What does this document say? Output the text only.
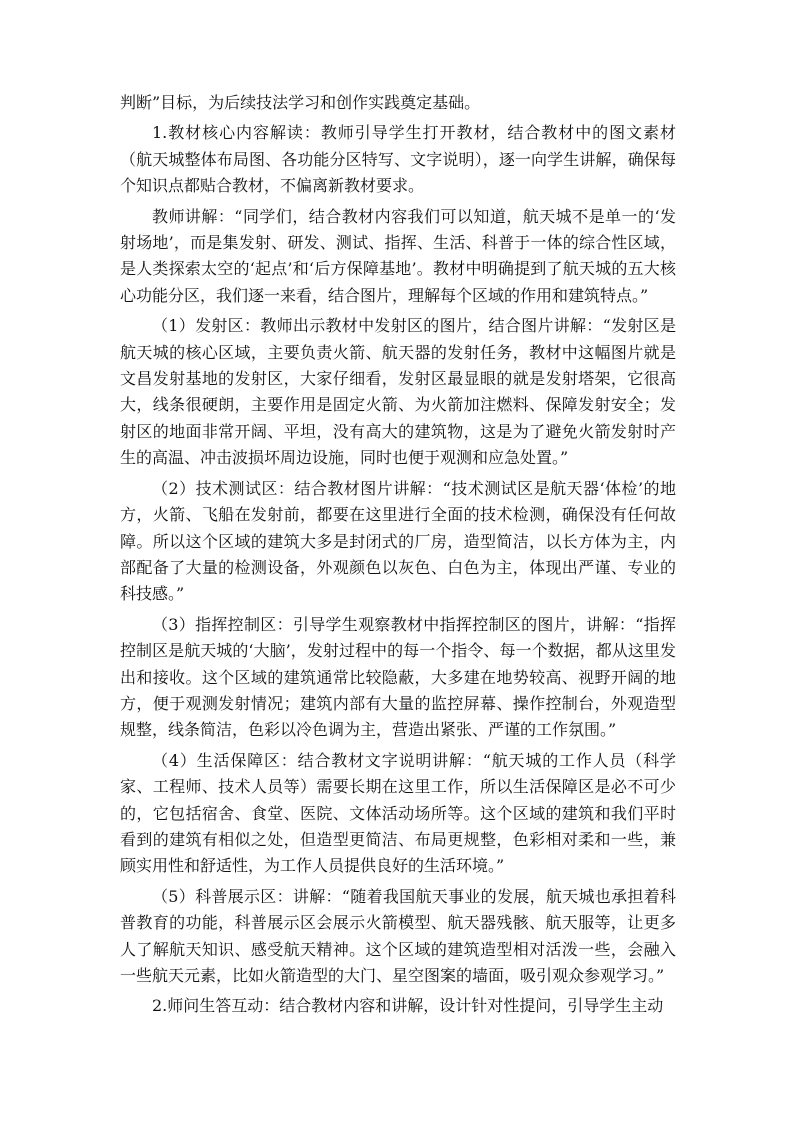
判断”目标，为后续技法学习和创作实践奠定基础。

1.教材核心内容解读：教师引导学生打开教材，结合教材中的图文素材（航天城整体布局图、各功能分区特写、文字说明），逐一向学生讲解，确保每个知识点都贴合教材，不偏离新教材要求。

教师讲解：“同学们，结合教材内容我们可以知道，航天城不是单一的‘发射场地’，而是集发射、研发、测试、指挥、生活、科普于一体的综合性区域，是人类探索太空的‘起点’和‘后方保障基地’。教材中明确提到了航天城的五大核心功能分区，我们逐一来看，结合图片，理解每个区域的作用和建筑特点。”

（1）发射区：教师出示教材中发射区的图片，结合图片讲解：“发射区是航天城的核心区域，主要负责火箭、航天器的发射任务，教材中这幅图片就是文昌发射基地的发射区，大家仔细看，发射区最显眼的就是发射塔架，它很高大，线条很硬朗，主要作用是固定火箭、为火箭加注燃料、保障发射安全；发射区的地面非常开阔、平坦，没有高大的建筑物，这是为了避免火箭发射时产生的高温、冲击波损坏周边设施，同时也便于观测和应急处置。”

（2）技术测试区：结合教材图片讲解：“技术测试区是航天器‘体检’的地方，火箭、飞船在发射前，都要在这里进行全面的技术检测，确保没有任何故障。所以这个区域的建筑大多是封闭式的厂房，造型简洁，以长方体为主，内部配备了大量的检测设备，外观颜色以灰色、白色为主，体现出严谨、专业的科技感。”

（3）指挥控制区：引导学生观察教材中指挥控制区的图片，讲解：“指挥控制区是航天城的‘大脑’，发射过程中的每一个指令、每一个数据，都从这里发出和接收。这个区域的建筑通常比较隐蔽，大多建在地势较高、视野开阔的地方，便于观测发射情况；建筑内部有大量的监控屏幕、操作控制台，外观造型规整，线条简洁，色彩以冷色调为主，营造出紧张、严谨的工作氛围。”

（4）生活保障区：结合教材文字说明讲解：“航天城的工作人员（科学家、工程师、技术人员等）需要长期在这里工作，所以生活保障区是必不可少的，它包括宿舍、食堂、医院、文体活动场所等。这个区域的建筑和我们平时看到的建筑有相似之处，但造型更简洁、布局更规整，色彩相对柔和一些，兼顾实用性和舒适性，为工作人员提供良好的生活环境。”

（5）科普展示区：讲解：“随着我国航天事业的发展，航天城也承担着科普教育的功能，科普展示区会展示火箭模型、航天器残骸、航天服等，让更多人了解航天知识、感受航天精神。这个区域的建筑造型相对活泼一些，会融入一些航天元素，比如火箭造型的大门、星空图案的墙面，吸引观众参观学习。”

2.师问生答互动：结合教材内容和讲解，设计针对性提问，引导学生主动
